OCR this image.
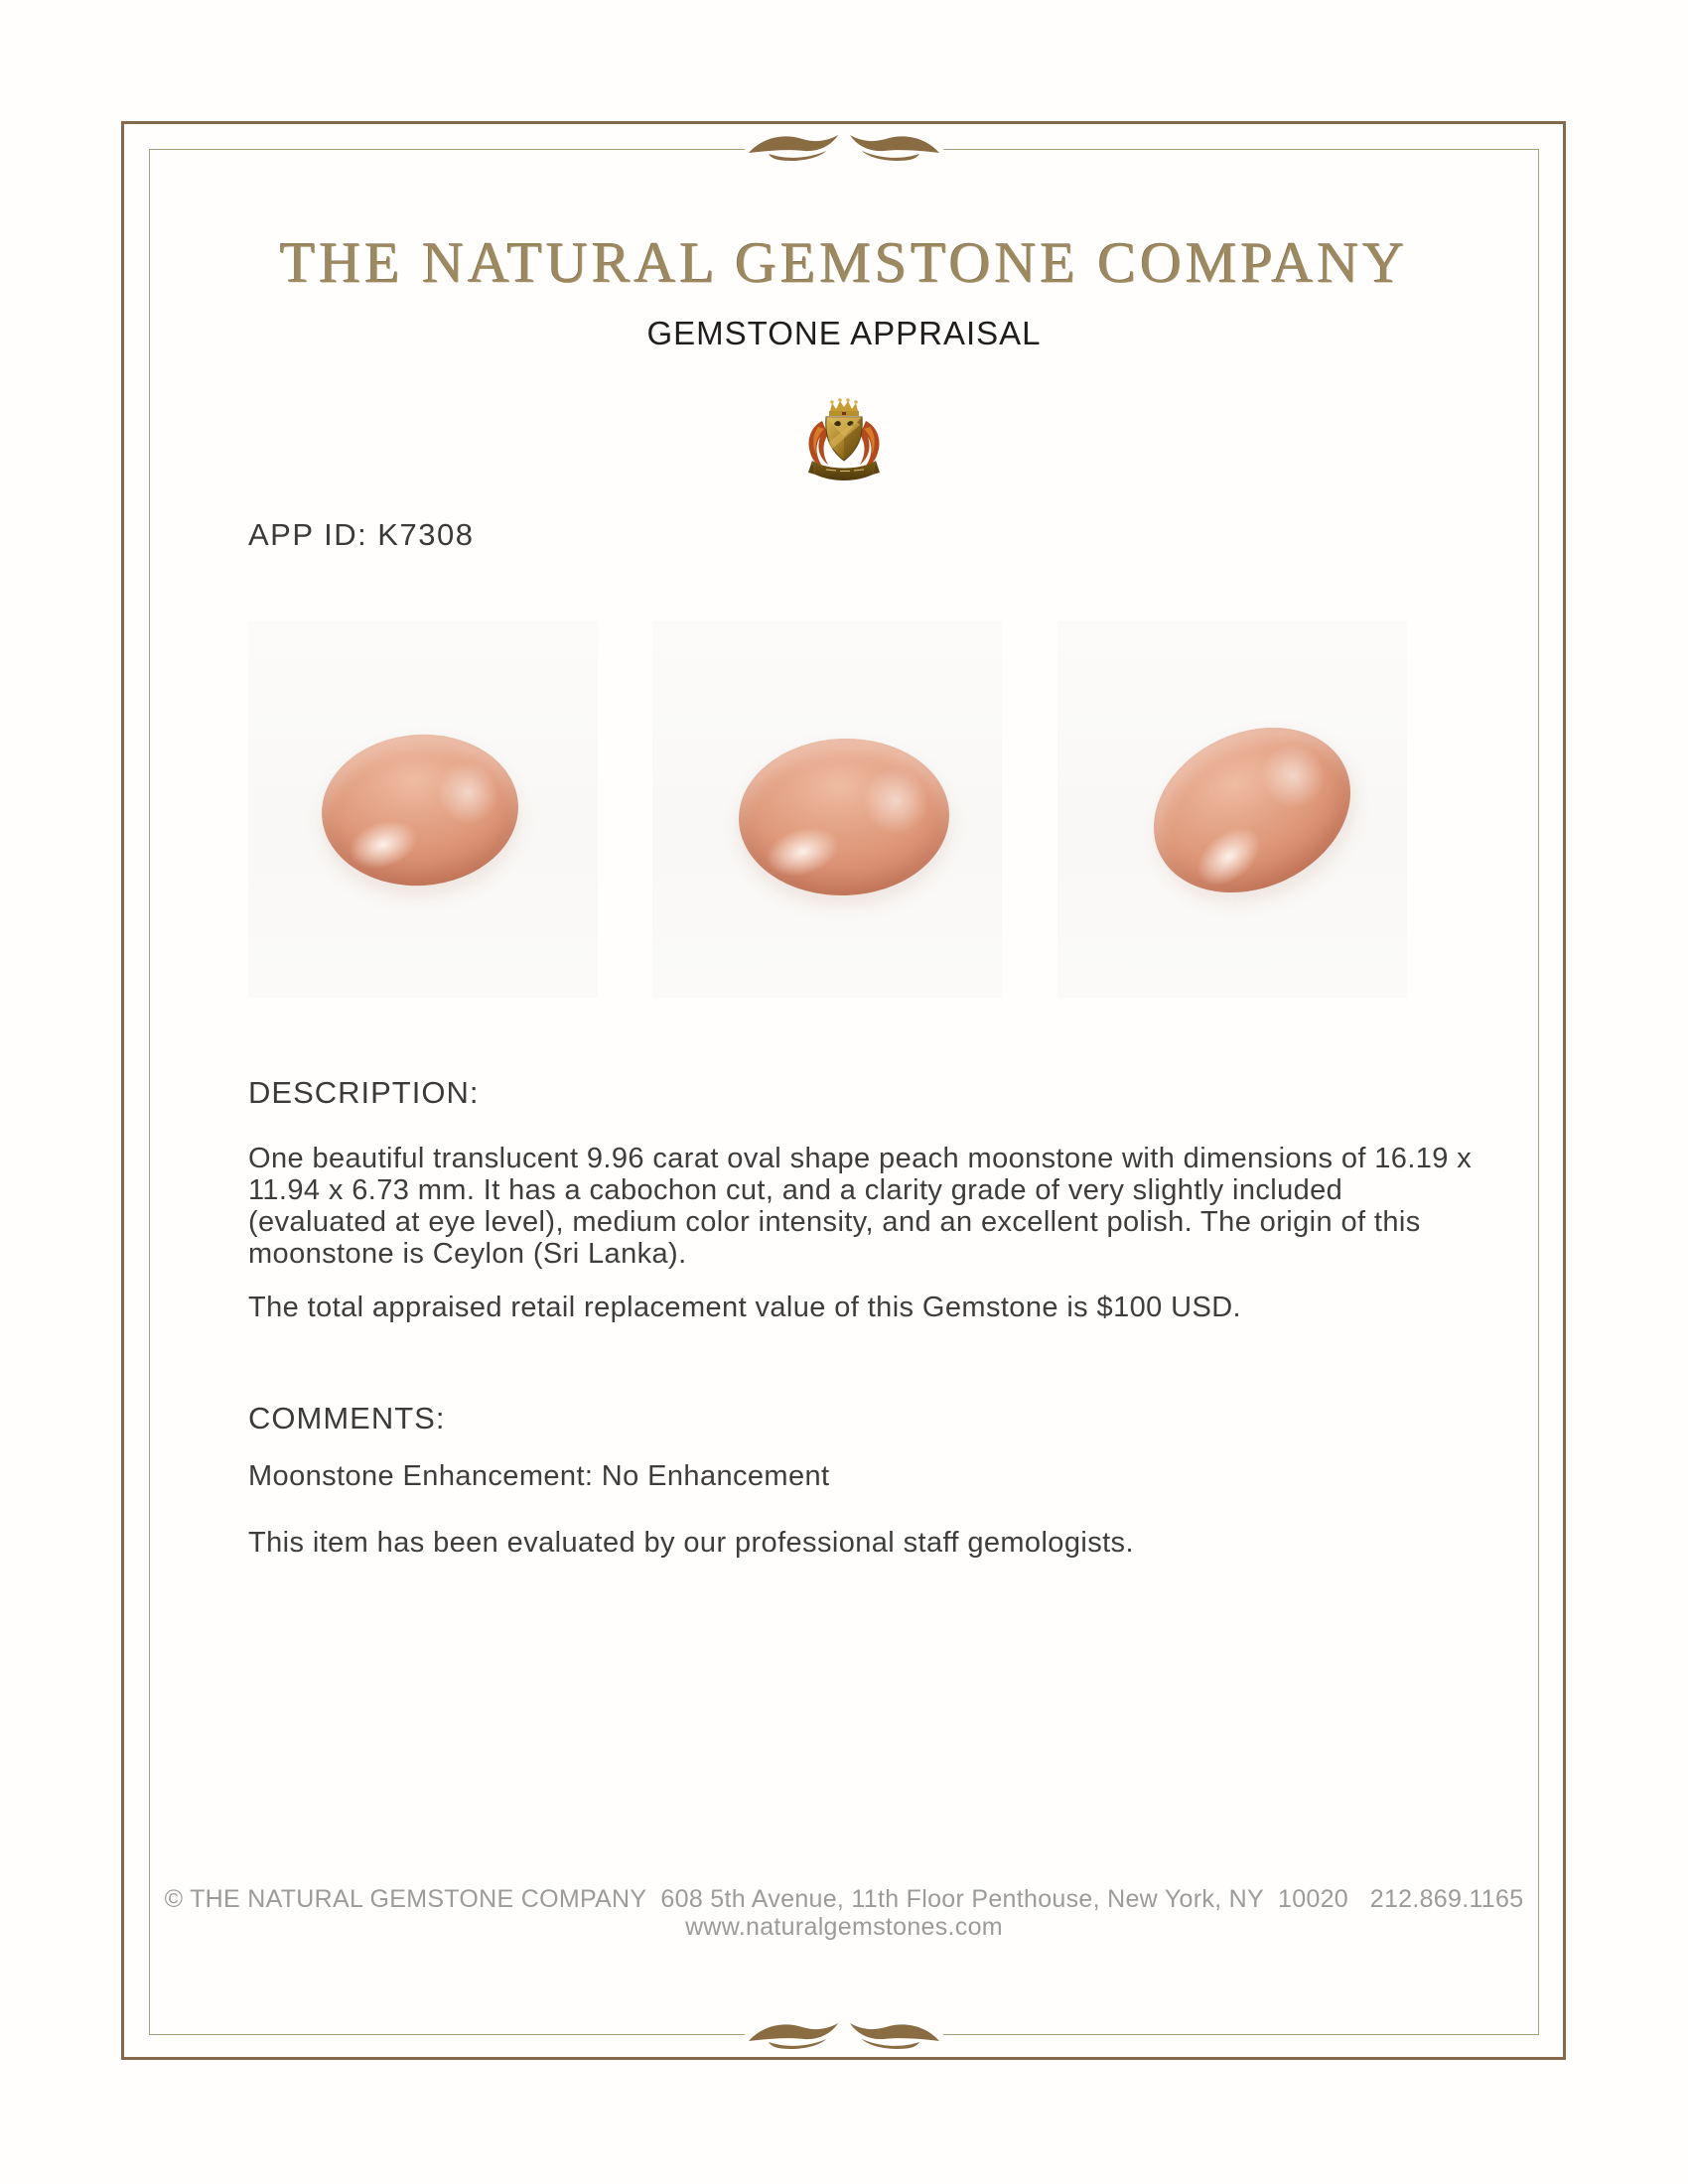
THE NATURAL GEMSTONE COMPANY
GEMSTONE APPRAISAL
APP ID: K7308
DESCRIPTION:

One beautiful translucent 9.96 carat oval shape peach moonstone with dimensions of 16.19 x 11.94 x 6.73 mm. It has a cabochon cut, and a clarity grade of very slightly included (evaluated at eye level), medium color intensity, and an excellent polish. The origin of this moonstone is Ceylon (Sri Lanka).

The total appraised retail replacement value of this Gemstone is $100 USD.

COMMENTS:

Moonstone Enhancement: No Enhancement

This item has been evaluated by our professional staff gemologists.

© THE NATURAL GEMSTONE COMPANY  608 5th Avenue, 11th Floor Penthouse, New York, NY  10020   212.869.1165
www.naturalgemstones.com
